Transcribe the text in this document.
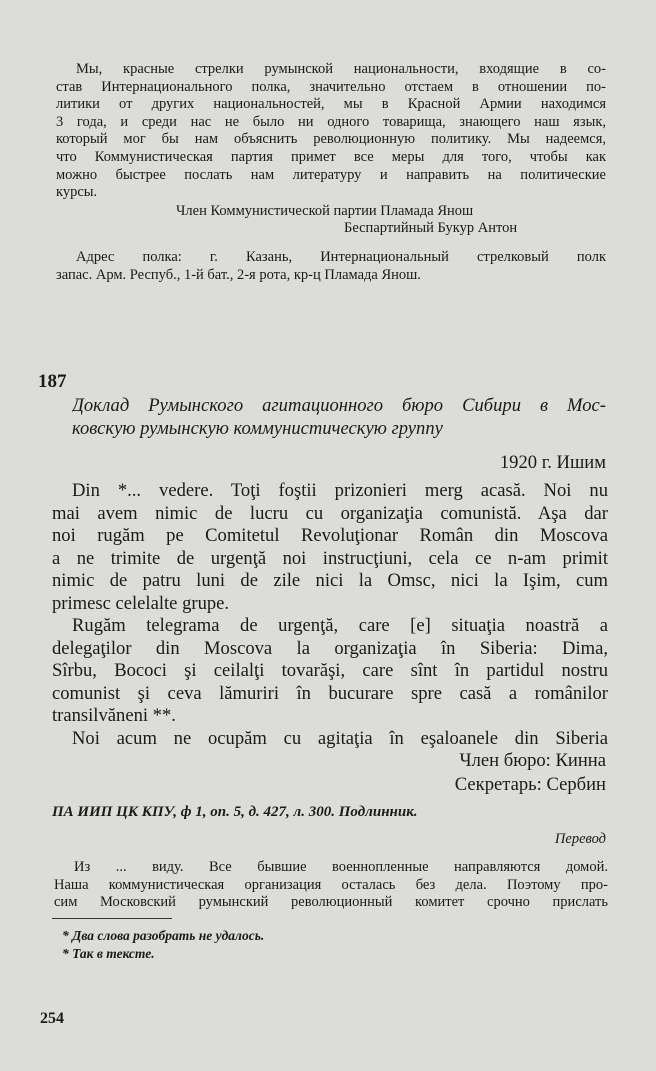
Мы, красные стрелки румынской национальности, входящие в со-
став Интернационального полка, значительно отстаем в отношении по-
литики от других национальностей, мы в Красной Армии находимся
3 года, и среди нас не было ни одного товарища, знающего наш язык,
который мог бы нам объяснить революционную политику. Мы надеемся,
что Коммунистическая партия примет все меры для того, чтобы как
можно быстрее послать нам литературу и направить на политические
курсы.
Член Коммунистической партии Пламада Янош
Беспартийный Букур Антон
Адрес полка: г. Казань, Интернациональный стрелковый полк
запас. Арм. Респуб., 1-й бат., 2-я рота, кр-ц Пламада Янош.
187
Доклад Румынского агитационного бюро Сибири в Мос-
ковскую румынскую коммунистическую группу
1920 г. Ишим
Din *... vedere. Toţi foştii prizonieri merg acasă. Noi nu
mai avem nimic de lucru cu organizaţia comunistă. Aşa dar
noi rugăm pe Comitetul Revoluţionar Român din Moscova
a ne trimite de urgenţă noi instrucţiuni, cela ce n-am primit
nimic de patru luni de zile nici la Omsc, nici la Işim, cum
primesc celelalte grupe.
Rugăm telegrama de urgenţă, care [e] situaţia noastră a
delegaţilor din Moscova la organizaţia în Siberia: Dima,
Sîrbu, Bococi şi ceilalţi tovarăşi, care sînt în partidul nostru
comunist şi ceva lămuriri în bucurare spre casă a românilor
transilvăneni **.
Noi acum ne ocupăm cu agitaţia în eşaloanele din Siberia
Член бюро: Кинна
Секретарь: Сербин
ПА ИИП ЦК КПУ, ф 1, оп. 5, д. 427, л. 300. Подлинник.
Перевод
Из ... виду. Все бывшие военнопленные направляются домой.
Наша коммунистическая организация осталась без дела. Поэтому про-
сим Московский румынский революционный комитет срочно прислать
* Два слова разобрать не удалось.
* Так в тексте.
254
